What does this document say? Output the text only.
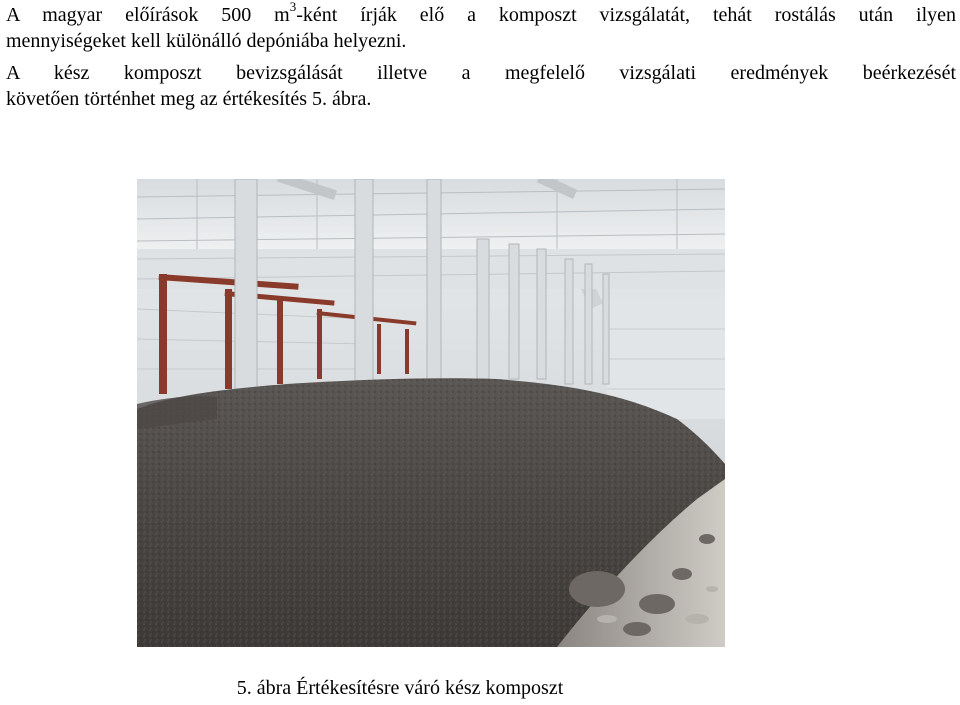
A magyar előírások 500 $m^3$-ként írják elő a komposzt vizsgálatát, tehát rostálás után ilyen
mennyiségeket kell különálló depóniába helyezni.
A kész komposzt bevizsgálását illetve a megfelelő vizsgálati eredmények beérkezését
követően történhet meg az értékesítés 5. ábra.
5. ábra Értékesítésre váró kész komposzt
